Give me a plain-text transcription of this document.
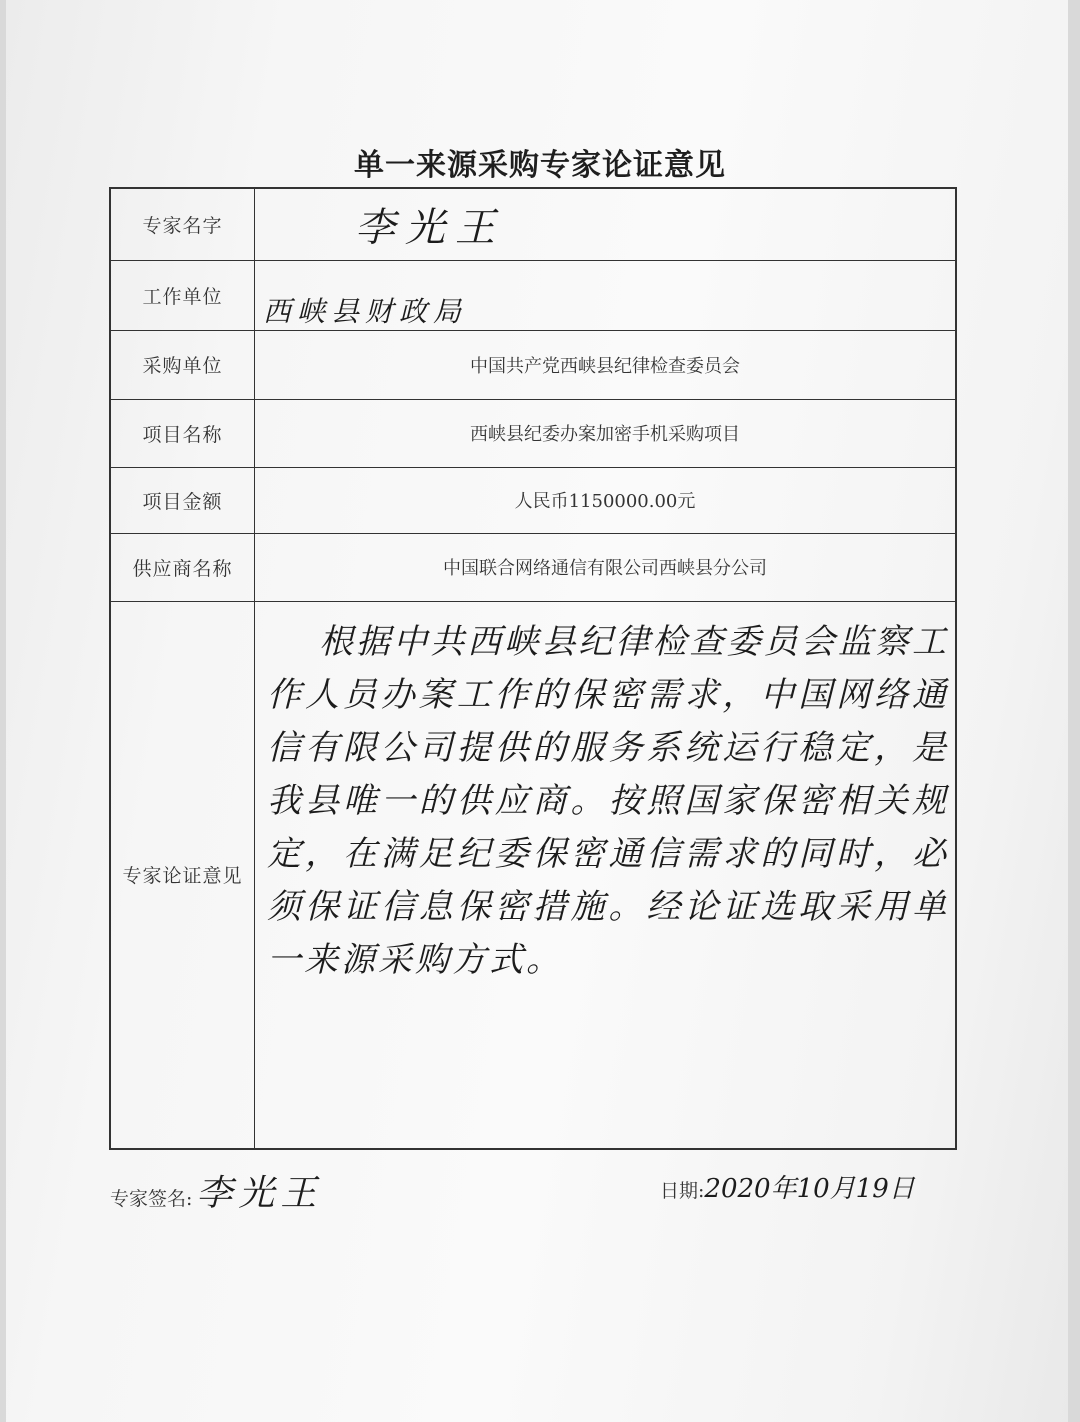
单一来源采购专家论证意见
专家名字	李光王
工作单位	西峡县财政局
采购单位	中国共产党西峡县纪律检查委员会
项目名称	西峡县纪委办案加密手机采购项目
项目金额	人民币1150000.00元
供应商名称	中国联合网络通信有限公司西峡县分公司
专家论证意见	根据中共西峡县纪律检查委员会监察工作人员办案工作的保密需求，中国网络通信有限公司提供的服务系统运行稳定，是我县唯一的供应商。按照国家保密相关规定，在满足纪委保密通信需求的同时，必须保证信息保密措施。经论证选取采用单一来源采购方式。
专家签名: 李光王	日期:2020年10月19日
